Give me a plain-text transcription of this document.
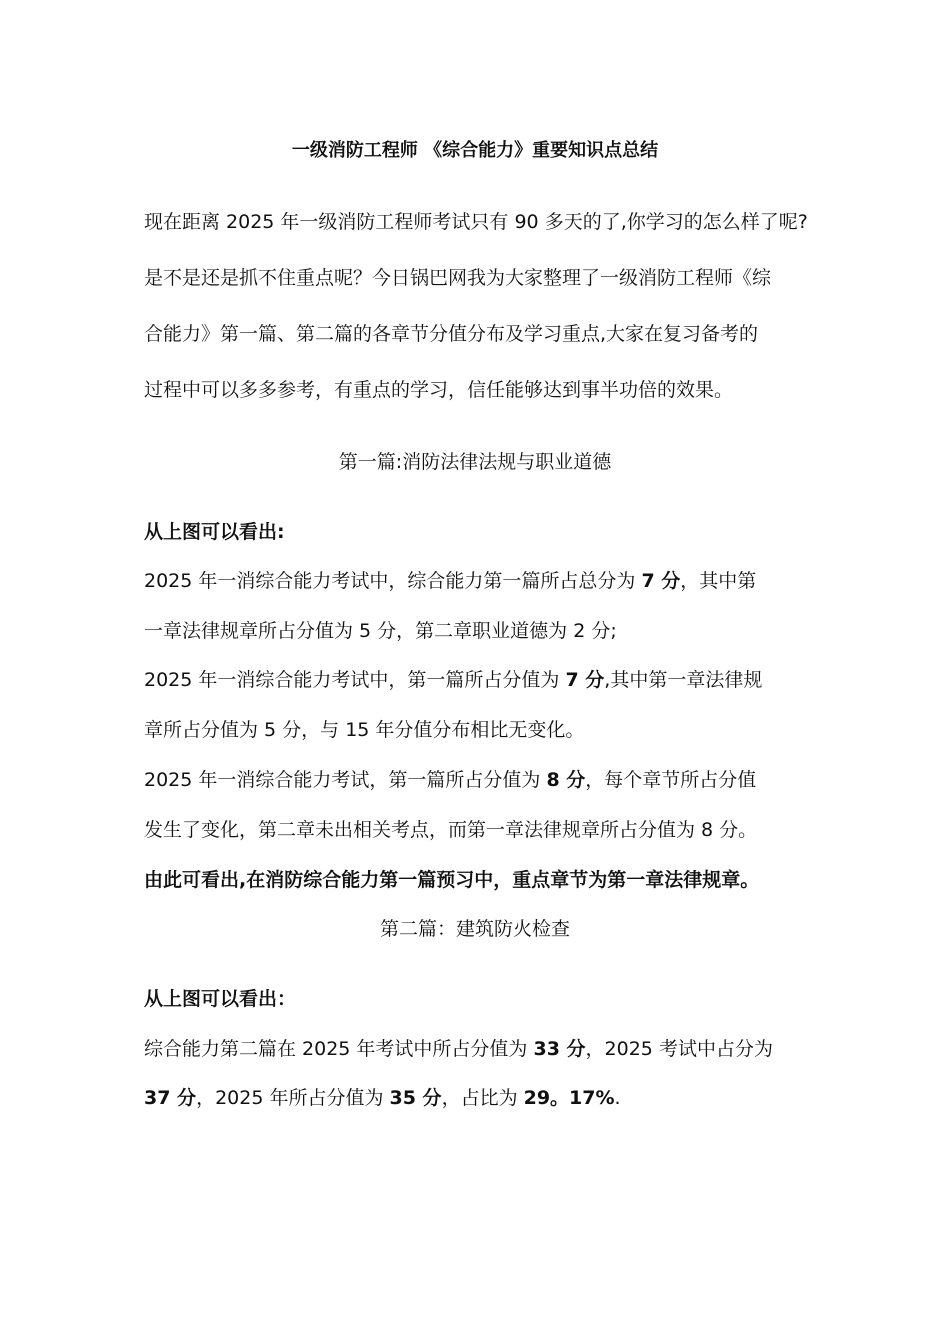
一级消防工程师 《综合能力》重要知识点总结
现在距离 2025 年一级消防工程师考试只有 90 多天的了,你学习的怎么样了呢?
是不是还是抓不住重点呢？今日锅巴网我为大家整理了一级消防工程师《综
合能力》第一篇、第二篇的各章节分值分布及学习重点,大家在复习备考的
过程中可以多多参考，有重点的学习，信任能够达到事半功倍的效果。
第一篇:消防法律法规与职业道德
从上图可以看出:
2025 年一消综合能力考试中，综合能力第一篇所占总分为 7 分，其中第
一章法律规章所占分值为 5 分，第二章职业道德为 2 分;
2025 年一消综合能力考试中，第一篇所占分值为 7 分,其中第一章法律规
章所占分值为 5 分，与 15 年分值分布相比无变化。
2025 年一消综合能力考试，第一篇所占分值为 8 分，每个章节所占分值
发生了变化，第二章未出相关考点，而第一章法律规章所占分值为 8 分。
由此可看出,在消防综合能力第一篇预习中，重点章节为第一章法律规章。
第二篇：建筑防火检查
从上图可以看出：
综合能力第二篇在 2025 年考试中所占分值为 33 分，2025 考试中占分为
37 分，2025 年所占分值为 35 分，占比为 29。17%.
